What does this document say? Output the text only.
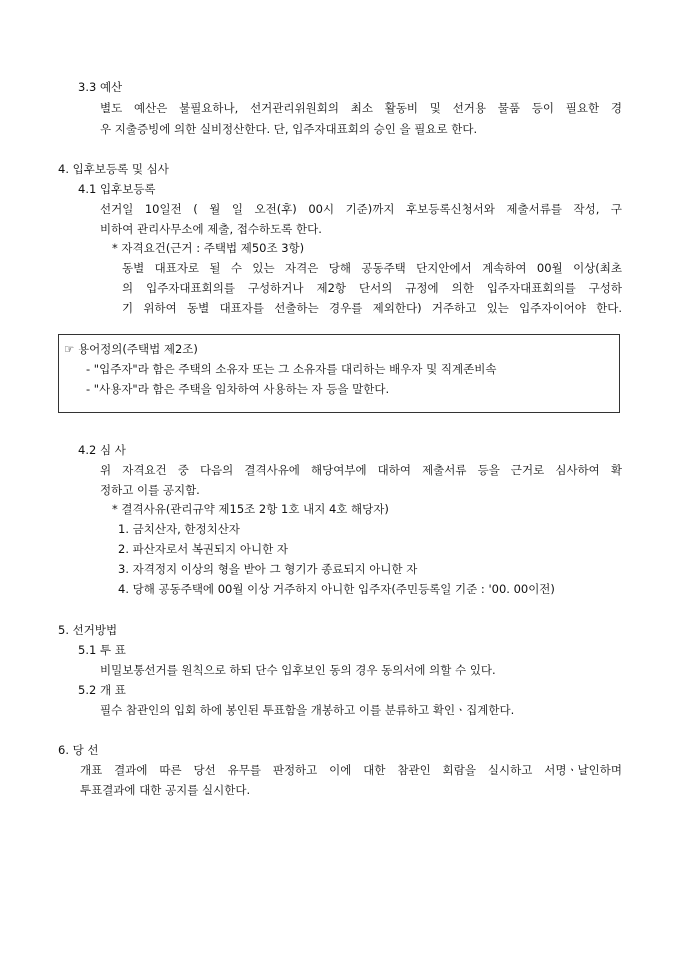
3.3 예산
별도 예산은 불필요하나, 선거관리위원회의 최소 활동비 및 선거용 물품 등이 필요한 경
우 지출증빙에 의한 실비정산한다. 단, 입주자대표회의 승인 을 필요로 한다.
4. 입후보등록 및 심사
4.1 입후보등록
선거일 10일전 ( 월 일 오전(후) 00시 기준)까지 후보등록신청서와 제출서류를 작성, 구
비하여 관리사무소에 제출, 접수하도록 한다.
* 자격요건(근거 : 주택법 제50조 3항)
동별 대표자로 될 수 있는 자격은 당해 공동주택 단지안에서 계속하여 00월 이상(최초
의 입주자대표회의를 구성하거나 제2항 단서의 규정에 의한 입주자대표회의를 구성하
기 위하여 동별 대표자를 선출하는 경우를 제외한다) 거주하고 있는 입주자이어야 한다.
☞ 용어정의(주택법 제2조)
- "입주자"라 함은 주택의 소유자 또는 그 소유자를 대리하는 배우자 및 직계존비속
- "사용자"라 함은 주택을 임차하여 사용하는 자 등을 말한다.
4.2 심 사
위 자격요건 중 다음의 결격사유에 해당여부에 대하여 제출서류 등을 근거로 심사하여 확
정하고 이를 공지함.
* 결격사유(관리규약 제15조 2항 1호 내지 4호 해당자)
1. 금치산자, 한정치산자
2. 파산자로서 복권되지 아니한 자
3. 자격정지 이상의 형을 받아 그 형기가 종료되지 아니한 자
4. 당해 공동주택에 00월 이상 거주하지 아니한 입주자(주민등록일 기준 : '00. 00이전)
5. 선거방법
5.1 투 표
비밀보통선거를 원칙으로 하되 단수 입후보인 동의 경우 동의서에 의할 수 있다.
5.2 개 표
필수 참관인의 입회 하에 봉인된 투표함을 개봉하고 이를 분류하고 확인ㆍ집계한다.
6. 당 선
개표 결과에 따른 당선 유무를 판정하고 이에 대한 참관인 회람을 실시하고 서명ㆍ날인하며
투표결과에 대한 공지를 실시한다.
